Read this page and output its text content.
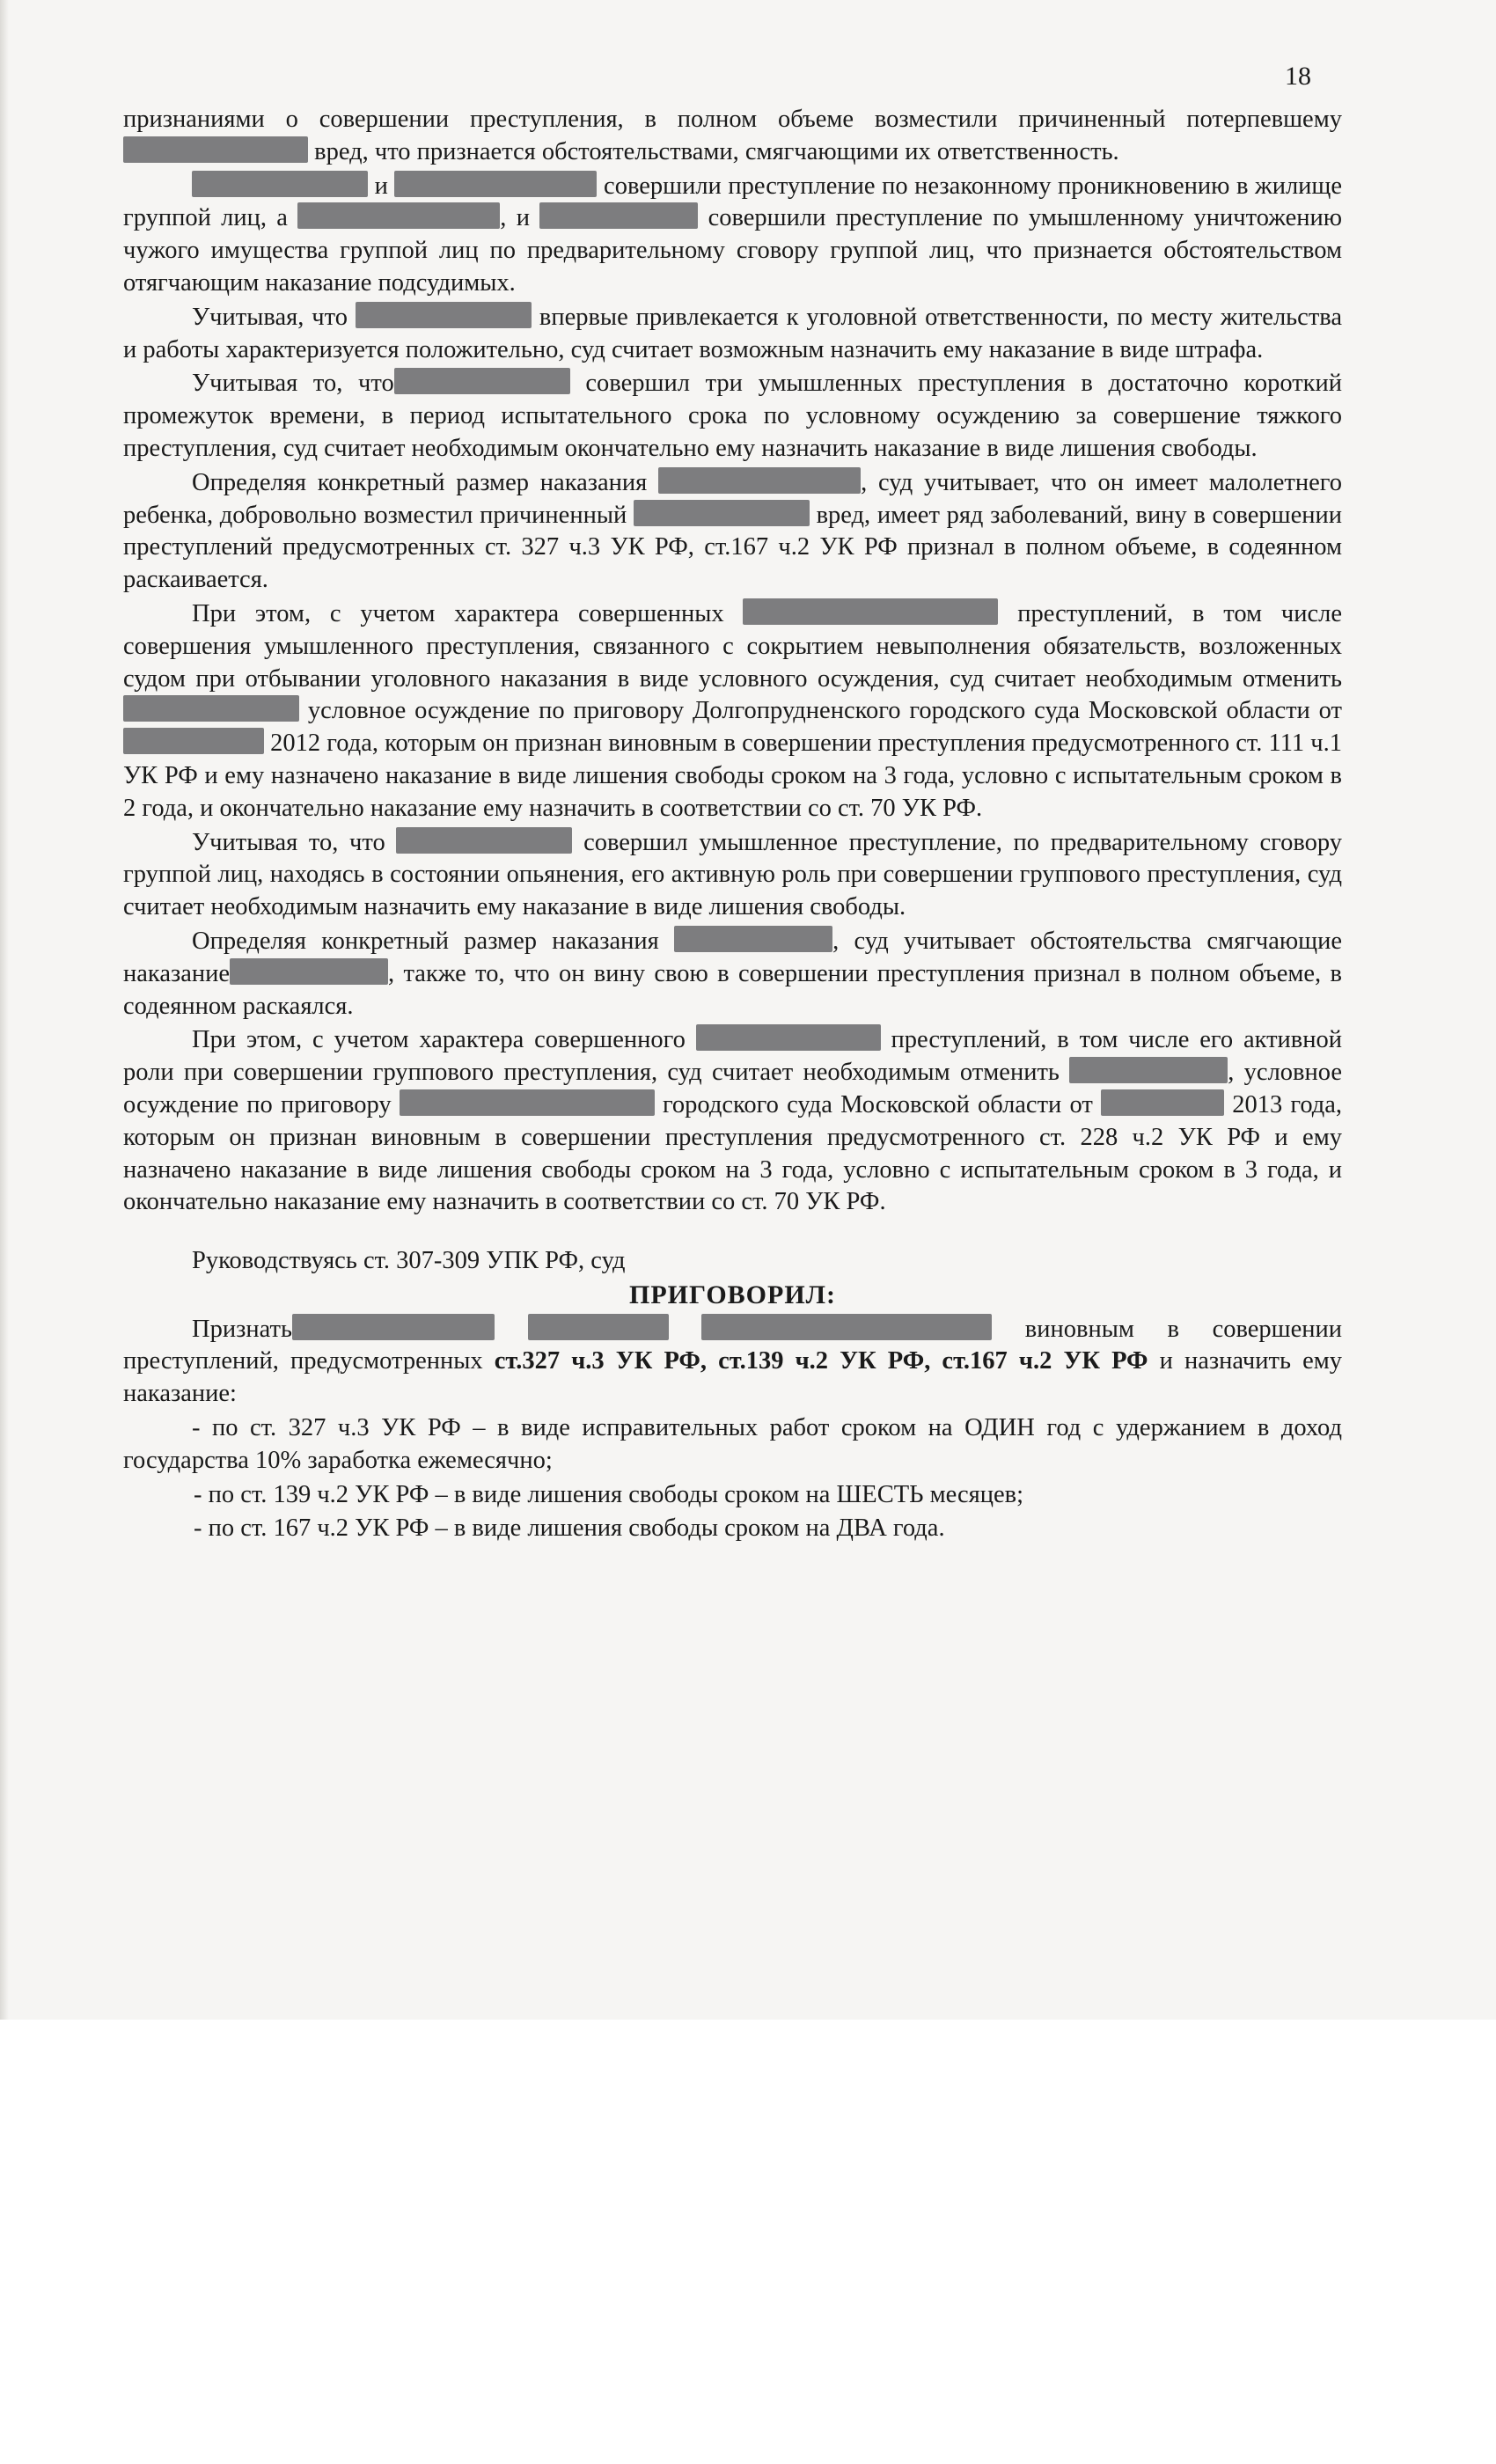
18

признаниями о совершении преступления, в полном объеме возместили причиненный потерпевшему  вред, что признается обстоятельствами, смягчающими их ответственность.

и	совершили преступление по незаконному проникновению в жилище группой лиц, а	, и	совершили преступление по умышленному уничтожению чужого имущества группой лиц по предварительному сговору группой лиц, что признается обстоятельством отягчающим наказание подсудимых.

Учитывая, что	впервые привлекается к уголовной ответственности, по месту жительства и работы характеризуется положительно, суд считает возможным назначить ему наказание в виде штрафа.

Учитывая то, что	совершил три умышленных преступления в достаточно короткий промежуток времени, в период испытательного срока по условному осуждению за совершение тяжкого преступления, суд считает необходимым окончательно ему назначить наказание в виде лишения свободы.

Определяя конкретный размер наказания	, суд учитывает, что он имеет малолетнего ребенка, добровольно возместил причиненный	вред, имеет ряд заболеваний, вину в совершении преступлений предусмотренных ст. 327 ч.3 УК РФ, ст.167 ч.2 УК РФ признал в полном объеме, в содеянном раскаивается.

При этом, с учетом характера совершенных	преступлений, в том числе совершения умышленного преступления, связанного с сокрытием невыполнения обязательств, возложенных судом при отбывании уголовного наказания в виде условного осуждения, суд считает необходимым отменить  условное осуждение по приговору Долгопрудненского городского суда Московской области от  2012 года, которым он признан виновным в совершении преступления предусмотренного ст. 111 ч.1 УК РФ и ему назначено наказание в виде лишения свободы сроком на 3 года, условно с испытательным сроком в 2 года, и окончательно наказание ему назначить в соответствии со ст. 70 УК РФ.

Учитывая то, что	совершил умышленное преступление, по предварительному сговору группой лиц, находясь в состоянии опьянения, его активную роль при совершении группового преступления, суд считает необходимым назначить ему наказание в виде лишения свободы.

Определяя конкретный размер наказания	, суд учитывает обстоятельства смягчающие наказание	, также то, что он вину свою в совершении преступления признал в полном объеме, в содеянном раскаялся.

При этом, с учетом характера совершенного	преступлений, в том числе его активной роли при совершении группового преступления, суд считает необходимым отменить	, условное осуждение по приговору	городского суда Московской области от	2013 года, которым он признан виновным в совершении преступления предусмотренного ст. 228 ч.2 УК РФ и ему назначено наказание в виде лишения свободы сроком на 3 года, условно с испытательным сроком в 3 года, и окончательно наказание ему назначить в соответствии со ст. 70 УК РФ.

Руководствуясь ст. 307-309 УПК РФ, суд

ПРИГОВОРИЛ:

Признать	виновным в совершении преступлений, предусмотренных ст.327 ч.3 УК РФ, ст.139 ч.2 УК РФ, ст.167 ч.2 УК РФ и назначить ему наказание:

- по ст. 327 ч.3 УК РФ – в виде исправительных работ сроком на ОДИН год с удержанием в доход государства 10% заработка ежемесячно;

- по ст. 139 ч.2 УК РФ – в виде лишения свободы сроком на ШЕСТЬ месяцев;

- по ст. 167 ч.2 УК РФ – в виде лишения свободы сроком на ДВА года.
